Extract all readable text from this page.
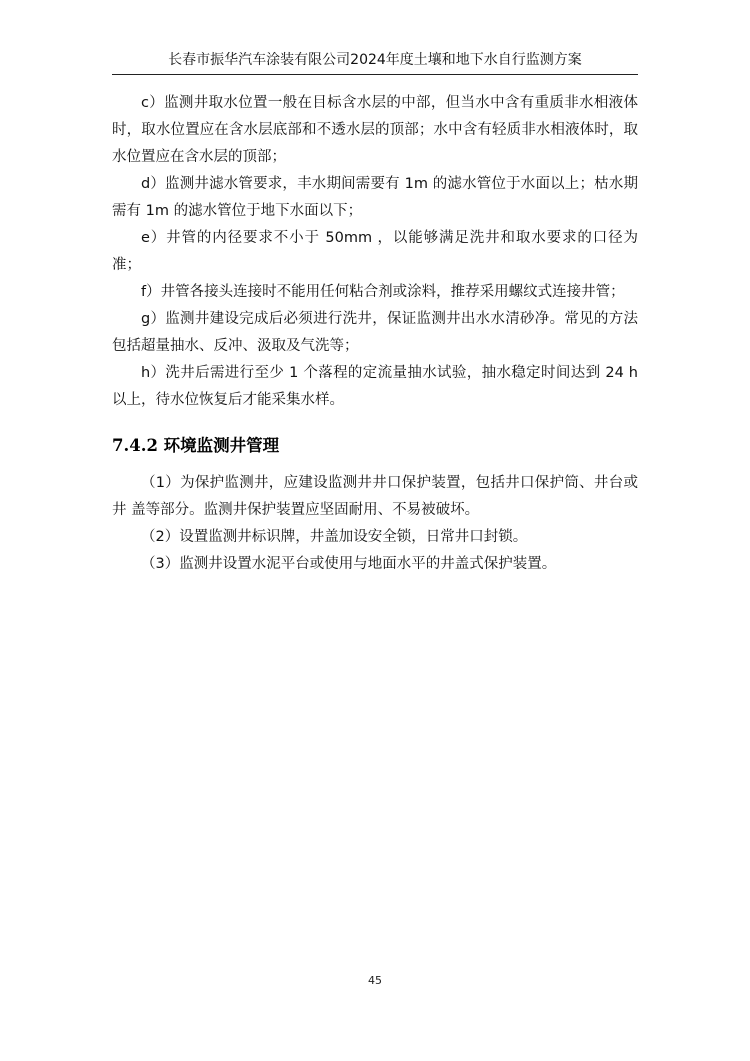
长春市振华汽车涂装有限公司2024年度土壤和地下水自行监测方案

c）监测井取水位置一般在目标含水层的中部，但当水中含有重质非水相液体 时，取水位置应在含水层底部和不透水层的顶部；水中含有轻质非水相液体时，取水位置应在含水层的顶部；

d）监测井滤水管要求，丰水期间需要有 1m 的滤水管位于水面以上；枯水期 需有 1m 的滤水管位于地下水面以下；

e）井管的内径要求不小于 50mm ，以能够满足洗井和取水要求的口径为准；

f）井管各接头连接时不能用任何粘合剂或涂料，推荐采用螺纹式连接井管；

g）监测井建设完成后必须进行洗井，保证监测井出水水清砂净。常见的方法 包括超量抽水、反冲、汲取及气洗等；

h）洗井后需进行至少 1 个落程的定流量抽水试验，抽水稳定时间达到 24 h 以上，待水位恢复后才能采集水样。

7.4.2 环境监测井管理

（1）为保护监测井，应建设监测井井口保护装置，包括井口保护筒、井台或井 盖等部分。监测井保护装置应坚固耐用、不易被破坏。

（2）设置监测井标识牌，井盖加设安全锁，日常井口封锁。

（3）监测井设置水泥平台或使用与地面水平的井盖式保护装置。

45
